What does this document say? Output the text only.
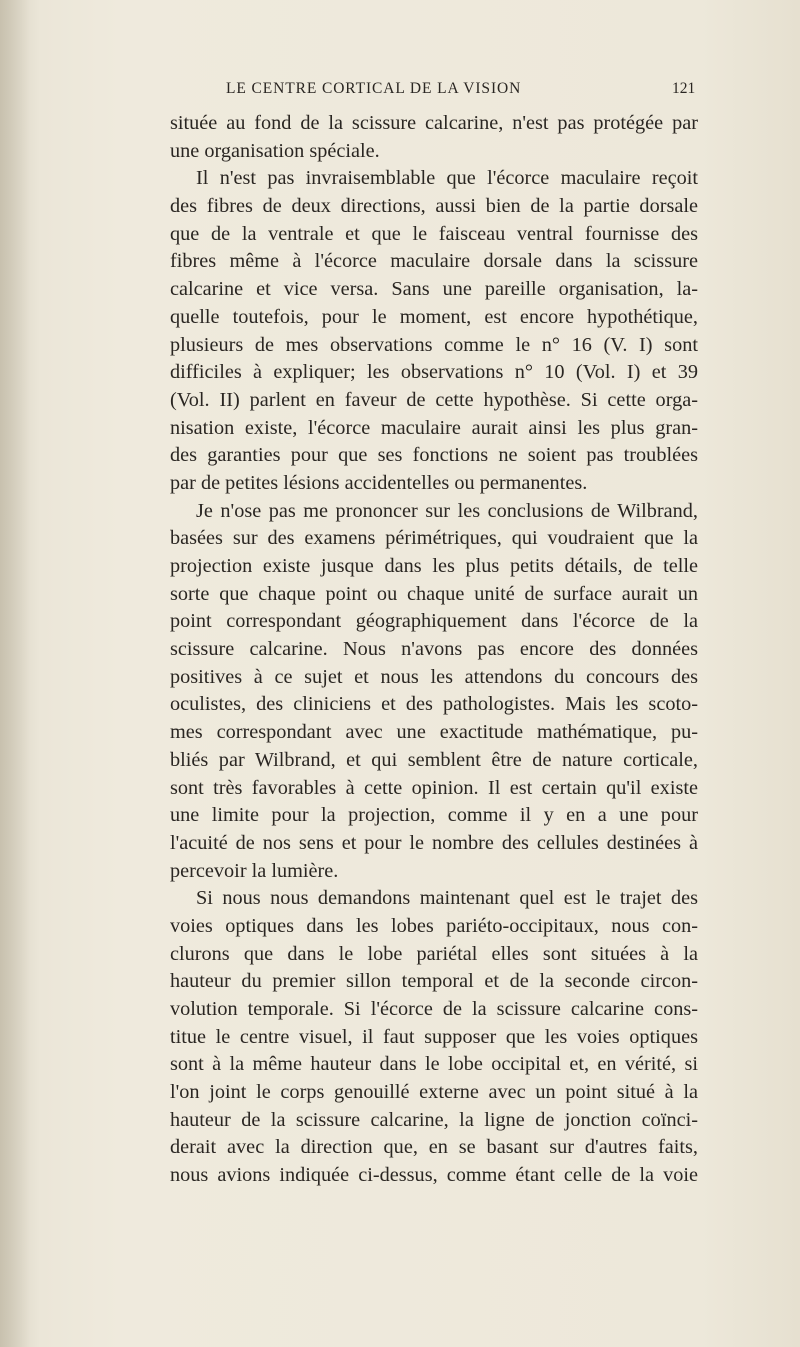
LE CENTRE CORTICAL DE LA VISION	121
située au fond de la scissure calcarine, n'est pas protégée par
une organisation spéciale.
Il n'est pas invraisemblable que l'écorce maculaire reçoit
des fibres de deux directions, aussi bien de la partie dorsale
que de la ventrale et que le faisceau ventral fournisse des
fibres même à l'écorce maculaire dorsale dans la scissure
calcarine et vice versa. Sans une pareille organisation, la-
quelle toutefois, pour le moment, est encore hypothétique,
plusieurs de mes observations comme le n° 16 (V. I) sont
difficiles à expliquer; les observations n° 10 (Vol. I) et 39
(Vol. II) parlent en faveur de cette hypothèse. Si cette orga-
nisation existe, l'écorce maculaire aurait ainsi les plus gran-
des garanties pour que ses fonctions ne soient pas troublées
par de petites lésions accidentelles ou permanentes.
Je n'ose pas me prononcer sur les conclusions de Wilbrand,
basées sur des examens périmétriques, qui voudraient que la
projection existe jusque dans les plus petits détails, de telle
sorte que chaque point ou chaque unité de surface aurait un
point correspondant géographiquement dans l'écorce de la
scissure calcarine. Nous n'avons pas encore des données
positives à ce sujet et nous les attendons du concours des
oculistes, des cliniciens et des pathologistes. Mais les scoto-
mes correspondant avec une exactitude mathématique, pu-
bliés par Wilbrand, et qui semblent être de nature corticale,
sont très favorables à cette opinion. Il est certain qu'il existe
une limite pour la projection, comme il y en a une pour
l'acuité de nos sens et pour le nombre des cellules destinées à
percevoir la lumière.
Si nous nous demandons maintenant quel est le trajet des
voies optiques dans les lobes pariéto-occipitaux, nous con-
clurons que dans le lobe pariétal elles sont situées à la
hauteur du premier sillon temporal et de la seconde circon-
volution temporale. Si l'écorce de la scissure calcarine cons-
titue le centre visuel, il faut supposer que les voies optiques
sont à la même hauteur dans le lobe occipital et, en vérité, si
l'on joint le corps genouillé externe avec un point situé à la
hauteur de la scissure calcarine, la ligne de jonction coïnci-
derait avec la direction que, en se basant sur d'autres faits,
nous avions indiquée ci-dessus, comme étant celle de la voie
